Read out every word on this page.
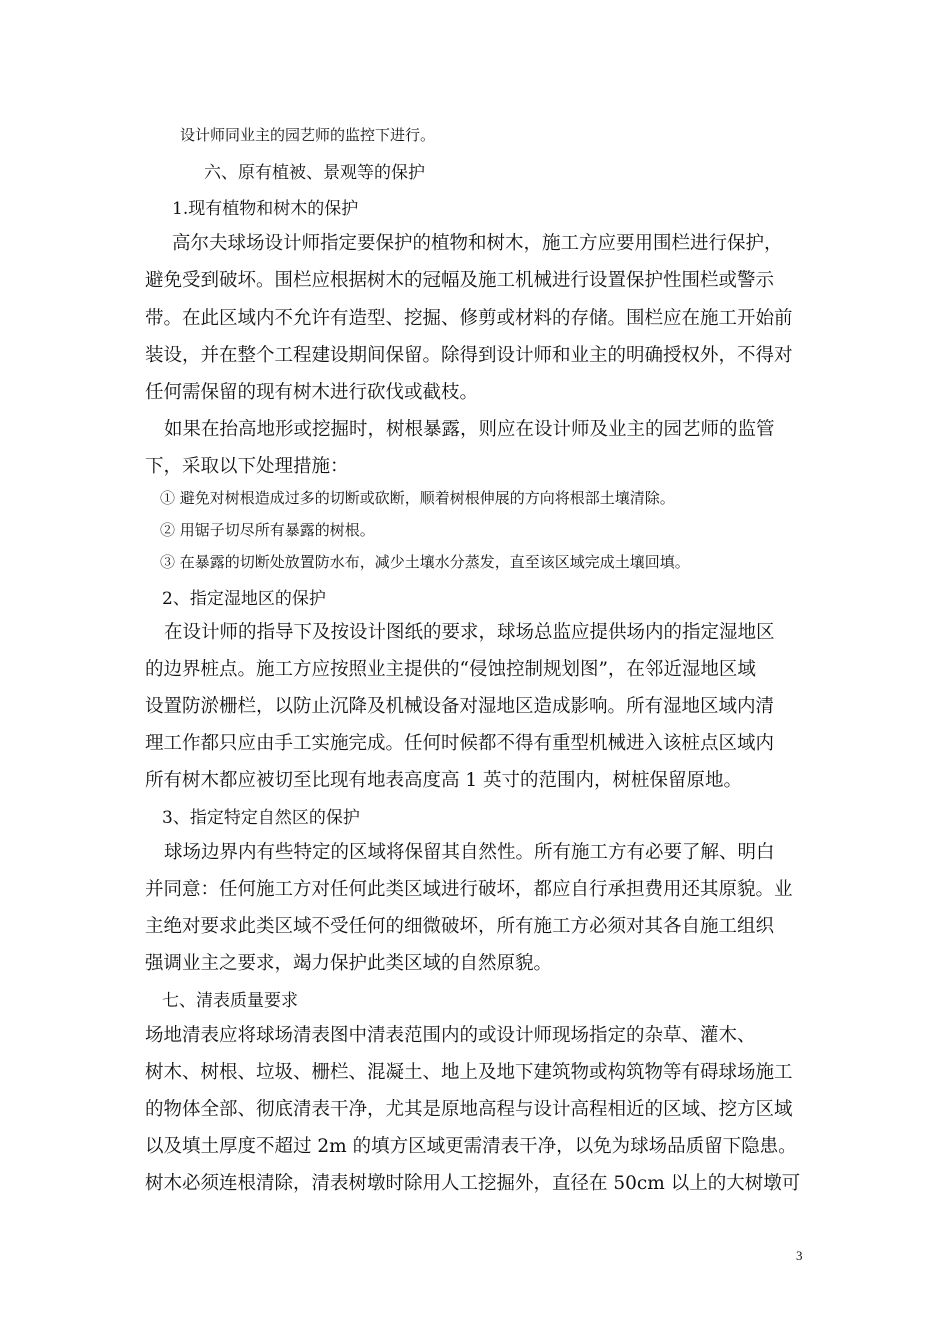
设计师同业主的园艺师的监控下进行。
六、原有植被、景观等的保护
1.现有植物和树木的保护
高尔夫球场设计师指定要保护的植物和树木，施工方应要用围栏进行保护，
避免受到破坏。围栏应根据树木的冠幅及施工机械进行设置保护性围栏或警示
带。在此区域内不允许有造型、挖掘、修剪或材料的存储。围栏应在施工开始前
装设，并在整个工程建设期间保留。除得到设计师和业主的明确授权外，不得对
任何需保留的现有树木进行砍伐或截枝。
如果在抬高地形或挖掘时，树根暴露，则应在设计师及业主的园艺师的监管
下，采取以下处理措施：
① 避免对树根造成过多的切断或砍断，顺着树根伸展的方向将根部土壤清除。
② 用锯子切尽所有暴露的树根。
③ 在暴露的切断处放置防水布，减少土壤水分蒸发，直至该区域完成土壤回填。
2、指定湿地区的保护
在设计师的指导下及按设计图纸的要求，球场总监应提供场内的指定湿地区
的边界桩点。施工方应按照业主提供的“侵蚀控制规划图”，在邻近湿地区域
设置防淤栅栏，以防止沉降及机械设备对湿地区造成影响。所有湿地区域内清
理工作都只应由手工实施完成。任何时候都不得有重型机械进入该桩点区域内
所有树木都应被切至比现有地表高度高 1 英寸的范围内，树桩保留原地。
3、指定特定自然区的保护
球场边界内有些特定的区域将保留其自然性。所有施工方有必要了解、明白
并同意：任何施工方对任何此类区域进行破坏，都应自行承担费用还其原貌。业
主绝对要求此类区域不受任何的细微破坏，所有施工方必须对其各自施工组织
强调业主之要求，竭力保护此类区域的自然原貌。
七、清表质量要求
场地清表应将球场清表图中清表范围内的或设计师现场指定的杂草、灌木、
树木、树根、垃圾、栅栏、混凝土、地上及地下建筑物或构筑物等有碍球场施工
的物体全部、彻底清表干净，尤其是原地高程与设计高程相近的区域、挖方区域
以及填土厚度不超过 2m 的填方区域更需清表干净，以免为球场品质留下隐患。
树木必须连根清除，清表树墩时除用人工挖掘外，直径在 50cm 以上的大树墩可
3
